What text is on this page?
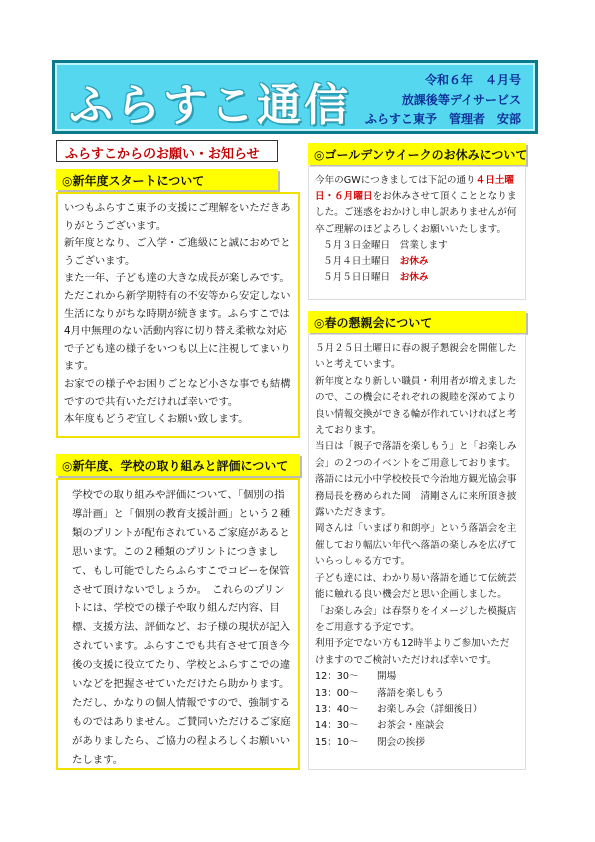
ふらすこ通信	令和６年　４月号
放課後等デイサービス
ふらすこ東予　管理者　安部
ふらすこからのお願い・お知らせ
◎新年度スタートについて

いつもふらすこ東予の支援にご理解をいただきありがとうございます。

新年度となり、ご入学・ご進級にと誠におめでとうございます。

また一年、子ども達の大きな成長が楽しみです。ただこれから新学期特有の不安等から安定しない生活になりがちな時期が続きます。ふらすこでは4月中無理のない活動内容に切り替え柔軟な対応で子ども達の様子をいつも以上に注視してまいります。

お家での様子やお困りごとなど小さな事でも結構ですので共有いただければ幸いです。

本年度もどうぞ宜しくお願い致します。

◎新年度、学校の取り組みと評価について

学校での取り組みや評価について、「個別の指導計画」と「個別の教育支援計画」という２種類のプリントが配布されているご家庭があると思います。この２種類のプリントにつきまして、もし可能でしたらふらすこでコピーを保管させて頂けないでしょうか。　これらのプリントには、学校での様子や取り組んだ内容、目標、支援方法、評価など、お子様の現状が記入されています。ふらすこでも共有させて頂き今後の支援に役立てたり、学校とふらすこでの違いなどを把握させていただけたら助かります。ただし、かなりの個人情報ですので、強制するものではありません。ご賛同いただけるご家庭がありましたら、ご協力の程よろしくお願いいたします。

◎ゴールデンウイークのお休みについて

今年のGWにつきましては下記の通り４日土曜日・６月曜日をお休みさせて頂くこととなりました。ご迷惑をおかけし申し訳ありませんが何卒ご理解のほどよろしくお願いいたします。

５月３日金曜日　 営業します
５月４日土曜日　 お休み
５月５日日曜日　 お休み
◎春の懇親会について

５月２５日土曜日に春の親子懇親会を開催したいと考えています。

新年度となり新しい職員・利用者が増えましたので、この機会にそれぞれの親睦を深めてより良い情報交換ができる輪が作れていければと考えております。

当日は「親子で落語を楽しもう」と「お楽しみ会」の２つのイベントをご用意しております。

落語には元小中学校校長で今治地方観光協会事務局長を務められた岡　清剛さんに来所頂き披露いただきます。

岡さんは「いまばり和朗亭」という落語会を主催しており幅広い年代へ落語の楽しみを広げていらっしゃる方です。

子ども達には、わかり易い落語を通じて伝統芸能に触れる良い機会だと思い企画しました。

「お楽しみ会」は春祭りをイメージした模擬店をご用意する予定です。

利用予定でない方も12時半よりご参加いただけますのでご検討いただければ幸いです。

12：30～	開場
13：00～	落語を楽しもう
13：40～	お楽しみ会（詳細後日）
14：30～	お茶会・座談会
15：10～	閉会の挨拶
